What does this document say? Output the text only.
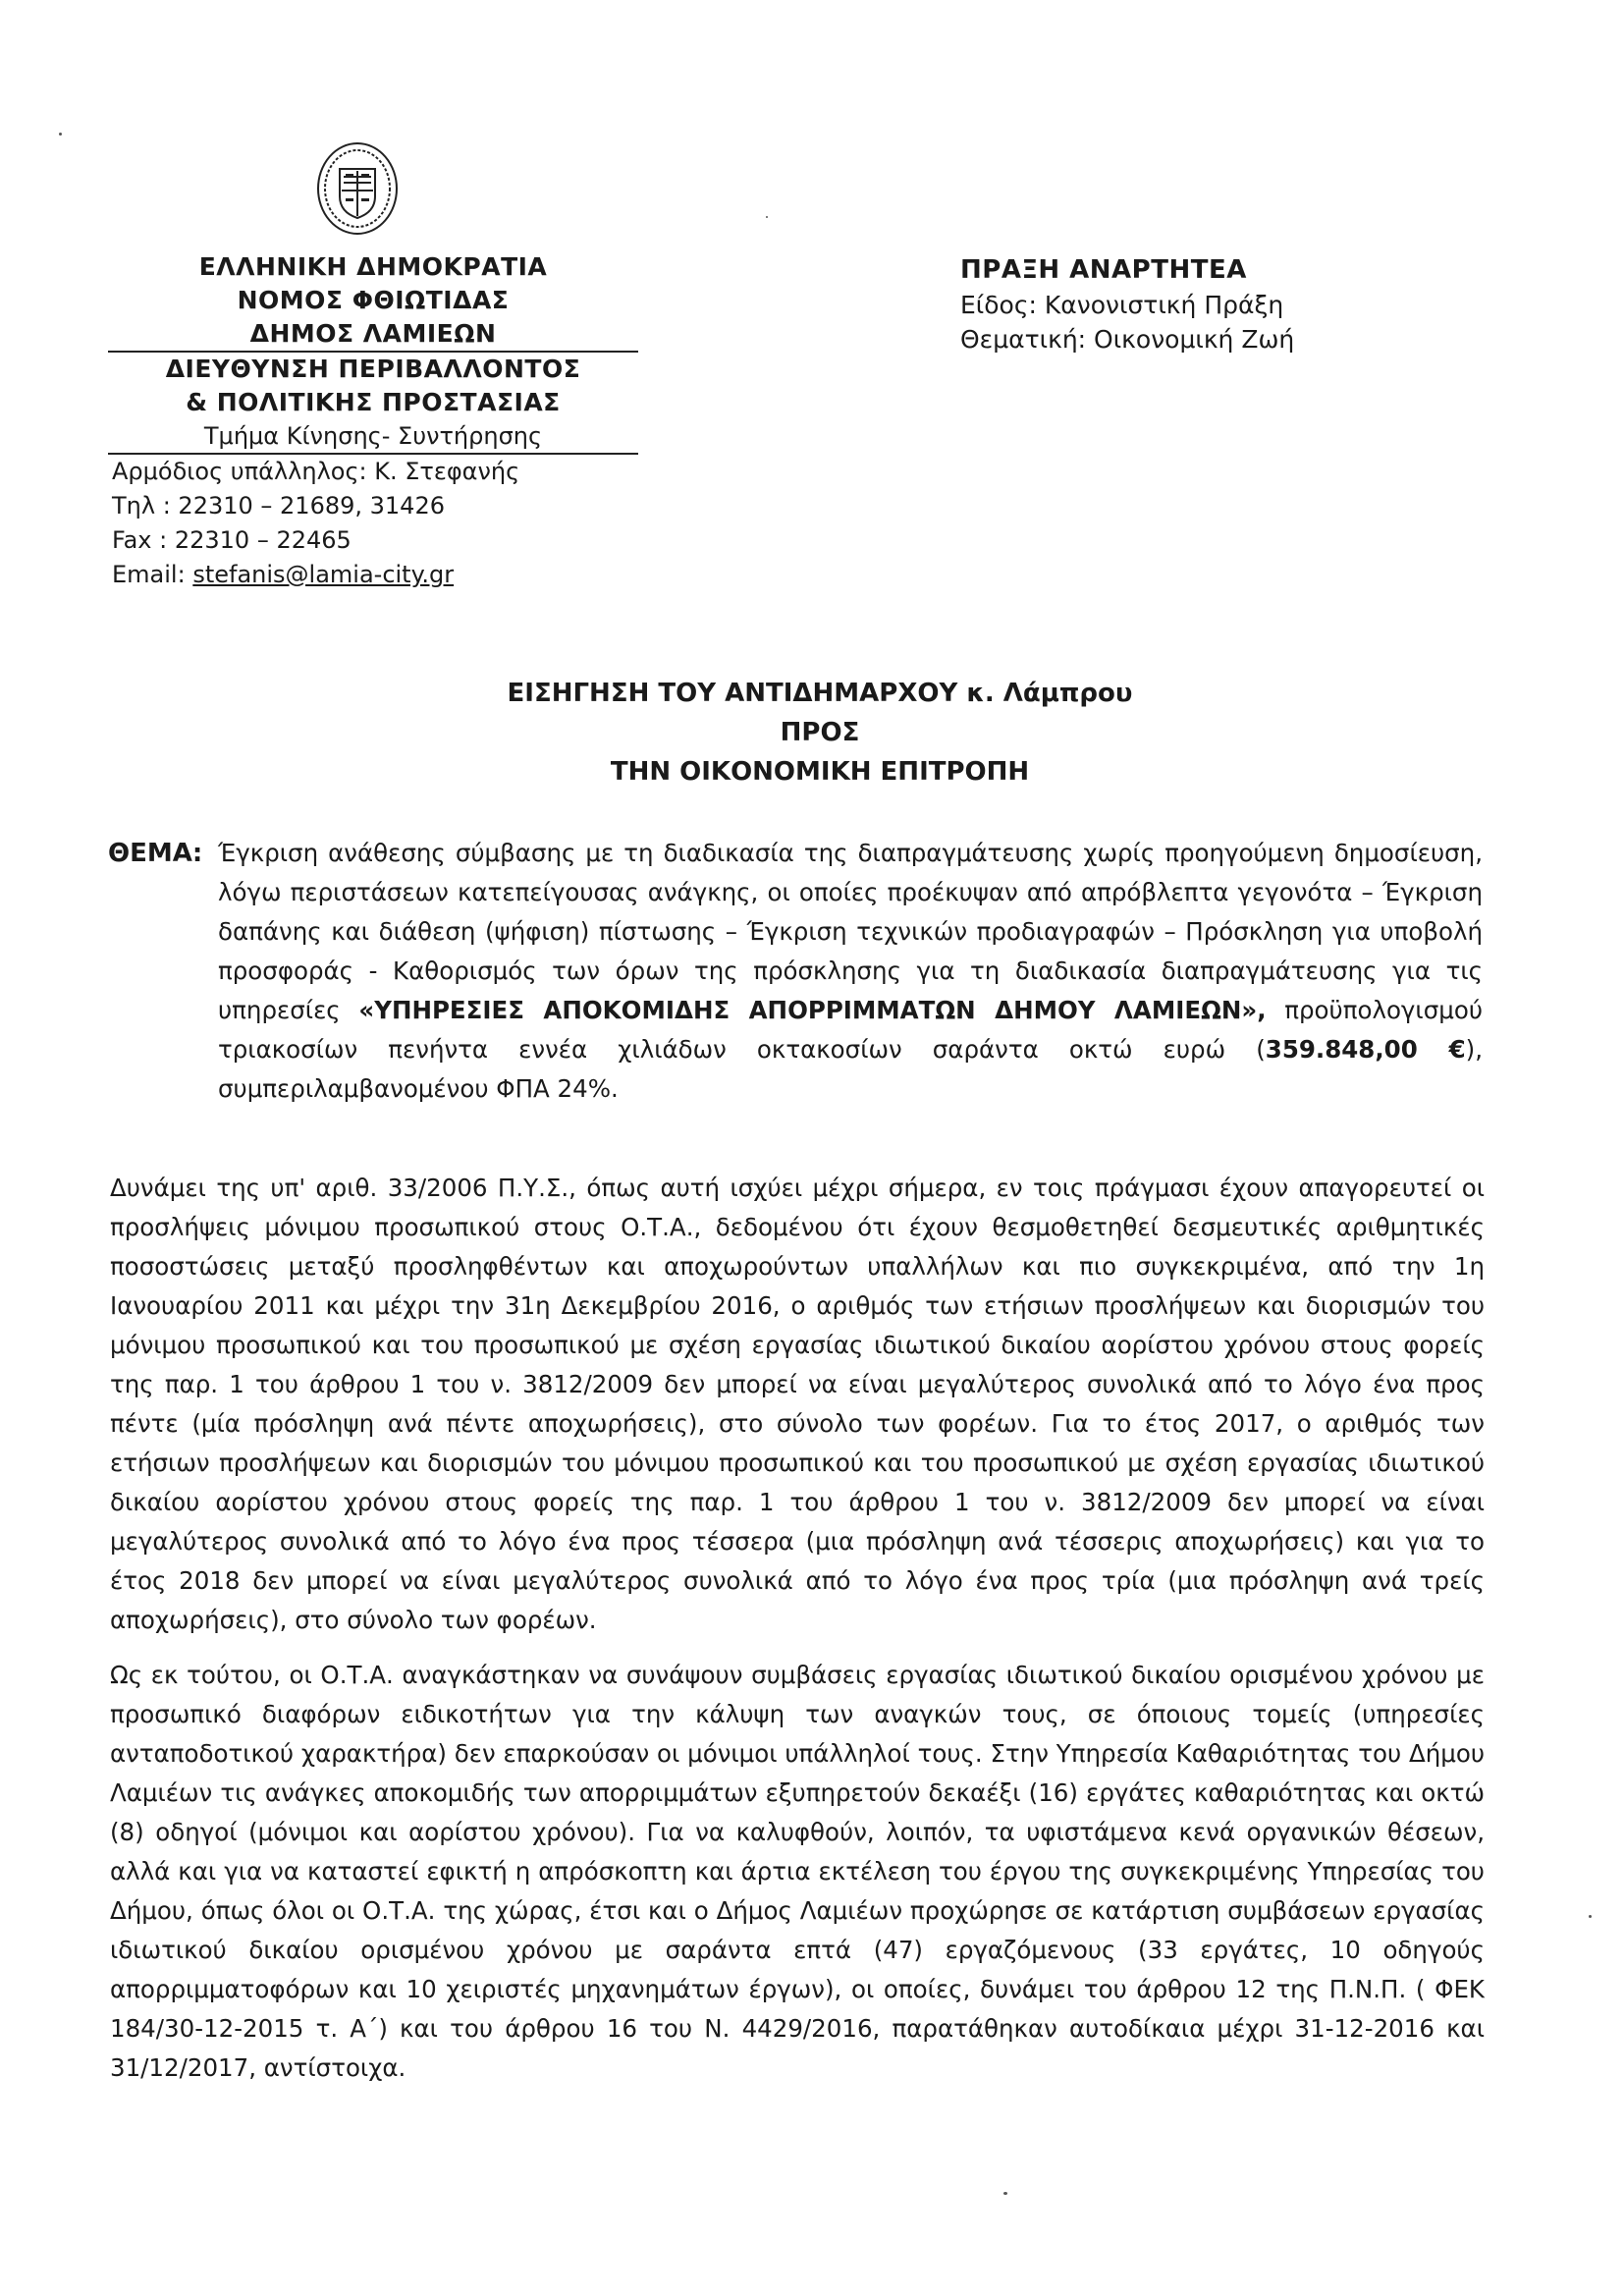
ΕΛΛΗΝΙΚΗ ΔΗΜΟΚΡΑΤΙΑ
ΝΟΜΟΣ ΦΘΙΩΤΙΔΑΣ
ΔΗΜΟΣ ΛΑΜΙΕΩΝ
ΔΙΕΥΘΥΝΣΗ ΠΕΡΙΒΑΛΛΟΝΤΟΣ
& ΠΟΛΙΤΙΚΗΣ ΠΡΟΣΤΑΣΙΑΣ
Τμήμα Κίνησης- Συντήρησης
Αρμόδιος υπάλληλος: Κ. Στεφανής
Τηλ : 22310 – 21689, 31426
Fax : 22310 – 22465
Email: stefanis@lamia-city.gr
ΠΡΑΞΗ ΑΝΑΡΤΗΤΕΑ
Είδος: Κανονιστική Πράξη
Θεματική: Οικονομική Ζωή
ΕΙΣΗΓΗΣΗ ΤΟΥ ΑΝΤΙΔΗΜΑΡΧΟΥ κ. Λάμπρου
ΠΡΟΣ
ΤΗΝ ΟΙΚΟΝΟΜΙΚΗ ΕΠΙΤΡΟΠΗ
ΘΕΜΑ: Έγκριση ανάθεσης σύμβασης με τη διαδικασία της διαπραγμάτευσης χωρίς προηγούμενη δημοσίευση, λόγω περιστάσεων κατεπείγουσας ανάγκης, οι οποίες προέκυψαν από απρόβλεπτα γεγονότα – Έγκριση δαπάνης και διάθεση (ψήφιση) πίστωσης – Έγκριση τεχνικών προδιαγραφών – Πρόσκληση για υποβολή προσφοράς - Καθορισμός των όρων της πρόσκλησης για τη διαδικασία διαπραγμάτευσης για τις υπηρεσίες «ΥΠΗΡΕΣΙΕΣ ΑΠΟΚΟΜΙΔΗΣ ΑΠΟΡΡΙΜΜΑΤΩΝ ΔΗΜΟΥ ΛΑΜΙΕΩΝ», προϋπολογισμού τριακοσίων πενήντα εννέα χιλιάδων οκτακοσίων σαράντα οκτώ ευρώ (359.848,00 €), συμπεριλαμβανομένου ΦΠΑ 24%.

Δυνάμει της υπ' αριθ. 33/2006 Π.Υ.Σ., όπως αυτή ισχύει μέχρι σήμερα, εν τοις πράγμασι έχουν απαγορευτεί οι προσλήψεις μόνιμου προσωπικού στους Ο.Τ.Α., δεδομένου ότι έχουν θεσμοθετηθεί δεσμευτικές αριθμητικές ποσοστώσεις μεταξύ προσληφθέντων και αποχωρούντων υπαλλήλων και πιο συγκεκριμένα, από την 1η Ιανουαρίου 2011 και μέχρι την 31η Δεκεμβρίου 2016, ο αριθμός των ετήσιων προσλήψεων και διορισμών του μόνιμου προσωπικού και του προσωπικού με σχέση εργασίας ιδιωτικού δικαίου αορίστου χρόνου στους φορείς της παρ. 1 του άρθρου 1 του ν. 3812/2009 δεν μπορεί να είναι μεγαλύτερος συνολικά από το λόγο ένα προς πέντε (μία πρόσληψη ανά πέντε αποχωρήσεις), στο σύνολο των φορέων. Για το έτος 2017, ο αριθμός των ετήσιων προσλήψεων και διορισμών του μόνιμου προσωπικού και του προσωπικού με σχέση εργασίας ιδιωτικού δικαίου αορίστου χρόνου στους φορείς της παρ. 1 του άρθρου 1 του ν. 3812/2009 δεν μπορεί να είναι μεγαλύτερος συνολικά από το λόγο ένα προς τέσσερα (μια πρόσληψη ανά τέσσερις αποχωρήσεις) και για το έτος 2018 δεν μπορεί να είναι μεγαλύτερος συνολικά από το λόγο ένα προς τρία (μια πρόσληψη ανά τρείς αποχωρήσεις), στο σύνολο των φορέων.

Ως εκ τούτου, οι Ο.Τ.Α. αναγκάστηκαν να συνάψουν συμβάσεις εργασίας ιδιωτικού δικαίου ορισμένου χρόνου με προσωπικό διαφόρων ειδικοτήτων για την κάλυψη των αναγκών τους, σε όποιους τομείς (υπηρεσίες ανταποδοτικού χαρακτήρα) δεν επαρκούσαν οι μόνιμοι υπάλληλοί τους. Στην Υπηρεσία Καθαριότητας του Δήμου Λαμιέων τις ανάγκες αποκομιδής των απορριμμάτων εξυπηρετούν δεκαέξι (16) εργάτες καθαριότητας και οκτώ (8) οδηγοί (μόνιμοι και αορίστου χρόνου). Για να καλυφθούν, λοιπόν, τα υφιστάμενα κενά οργανικών θέσεων, αλλά και για να καταστεί εφικτή η απρόσκοπτη και άρτια εκτέλεση του έργου της συγκεκριμένης Υπηρεσίας του Δήμου, όπως όλοι οι Ο.Τ.Α. της χώρας, έτσι και ο Δήμος Λαμιέων προχώρησε σε κατάρτιση συμβάσεων εργασίας ιδιωτικού δικαίου ορισμένου χρόνου με σαράντα επτά (47) εργαζόμενους (33 εργάτες, 10 οδηγούς απορριμματοφόρων και 10 χειριστές μηχανημάτων έργων), οι οποίες, δυνάμει του άρθρου 12 της Π.Ν.Π. ( ΦΕΚ 184/30-12-2015 τ. Α΄) και του άρθρου 16 του Ν. 4429/2016, παρατάθηκαν αυτοδίκαια μέχρι 31-12-2016 και 31/12/2017, αντίστοιχα.
